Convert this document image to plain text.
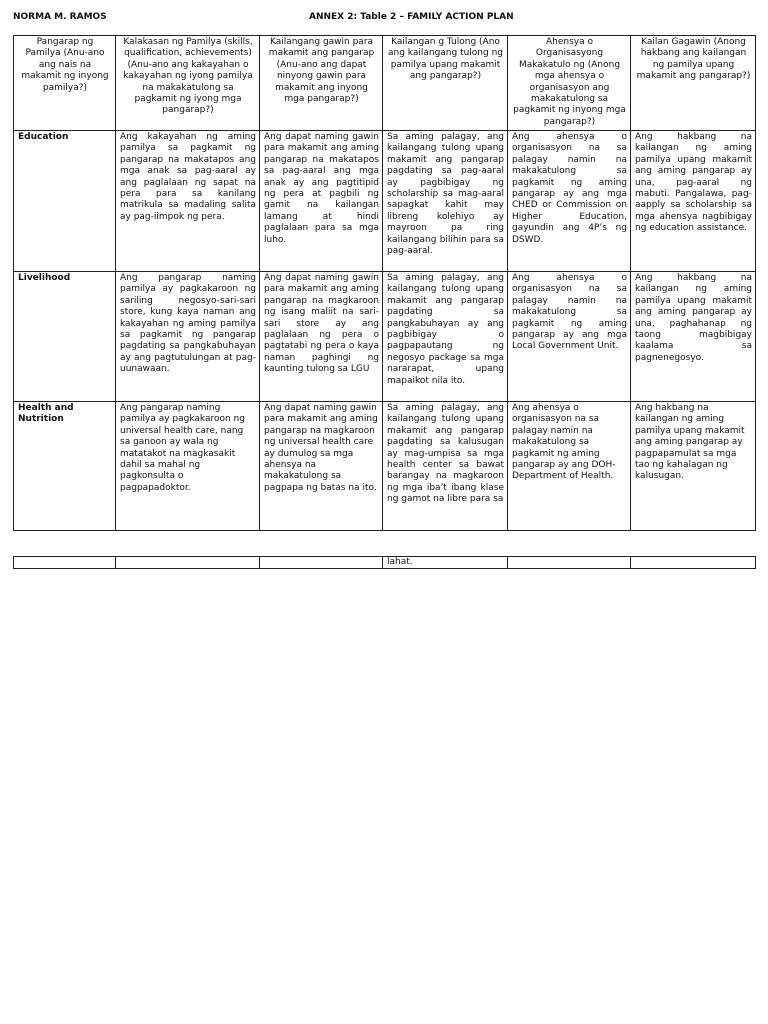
NORMA M. RAMOS	ANNEX 2: Table 2 – FAMILY ACTION PLAN
Pangarap ng Pamilya (Anu-ano ang nais na makamit ng inyong pamilya?)	Kalakasan ng Pamilya (skills, qualification, achievements) (Anu-ano ang kakayahan o kakayahan ng iyong pamilya na makakatulong sa pagkamit ng iyong mga pangarap?)	Kailangang gawin para makamit ang pangarap (Anu-ano ang dapat ninyong gawin para makamit ang inyong mga pangarap?)	Kailangan g Tulong (Ano ang kailangang tulong ng pamilya upang makamit ang pangarap?)	Ahensya o Organisasyong Makakatulo ng (Anong mga ahensya o organisasyon ang makakatulong sa pagkamit ng inyong mga pangarap?)	Kailan Gagawin (Anong hakbang ang kailangan ng pamilya upang makamit ang pangarap?)
Education	Ang kakayahan ng aming pamilya sa pagkamit ng pangarap na makatapos ang mga anak sa pag-aaral ay ang paglalaan ng sapat na pera para sa kanilang matrikula sa madaling salita ay pag-iimpok ng pera.	Ang dapat naming gawin para makamit ang aming pangarap na makatapos sa pag-aaral ang mga anak ay ang pagtitipid ng pera at pagbili ng gamit na kailangan lamang at hindi paglalaan para sa mga luho.	Sa aming palagay, ang kailangang tulong upang makamit ang pangarap pagdating sa pag-aaral ay pagbibigay ng scholarship sa mag-aaral sapagkat kahit may libreng kolehiyo ay mayroon pa ring kailangang bilihin para sa pag-aaral.	Ang ahensya o organisasyon na sa palagay namin na makakatulong sa pagkamit ng aming pangarap ay ang mga CHED or Commission on Higher Education, gayundin ang 4P’s ng DSWD.	Ang hakbang na kailangan ng aming pamilya upang makamit ang aming pangarap ay una, pag-aaral ng mabuti. Pangalawa, pag-aapply sa scholarship sa mga ahensya nagbibigay ng education assistance.
Livelihood	Ang pangarap naming pamilya ay pagkakaroon ng sariling negosyo-sari-sari store, kung kaya naman ang kakayahan ng aming pamilya sa pagkamit ng pangarap pagdating sa pangkabuhayan ay ang pagtutulungan at pag-uunawaan.	Ang dapat naming gawin para makamit ang aming pangarap na magkaroon ng isang maliit na sari-sari store ay ang paglalaan ng pera o pagtatabi ng pera o kaya naman paghingi ng kaunting tulong sa LGU	Sa aming palagay, ang kailangang tulong upang makamit ang pangarap pagdating sa pangkabuhayan ay ang pagbibigay o pagpapautang ng negosyo package sa mga nararapat, upang mapaikot nila ito.	Ang ahensya o organisasyon na sa palagay namin na makakatulong sa pagkamit ng aming pangarap ay ang mga Local Government Unit.	Ang hakbang na kailangan ng aming pamilya upang makamit ang aming pangarap ay una, paghahanap ng taong magbibigay kaalama sa pagnenegosyo.
Health and Nutrition	Ang pangarap naming pamilya ay pagkakaroon ng universal health care, nang sa ganoon ay wala ng matatakot na magkasakit dahil sa mahal ng pagkonsulta o pagpapadoktor.	Ang dapat naming gawin para makamit ang aming pangarap na magkaroon ng universal health care ay dumulog sa mga ahensya na makakatulong sa pagpapa ng batas na ito.	Sa aming palagay, ang kailangang tulong upang makamit ang pangarap pagdating sa kalusugan ay mag-umpisa sa mga health center sa bawat barangay na magkaroon ng mga iba’t ibang klase ng gamot na libre para sa	Ang ahensya o organisasyon na sa palagay namin na makakatulong sa pagkamit ng aming pangarap ay ang DOH- Department of Health.	Ang hakbang na kailangan ng aming pamilya upang makamit ang aming pangarap ay pagpapamulat sa mga tao ng kahalagan ng kalusugan.
			lahat.		
